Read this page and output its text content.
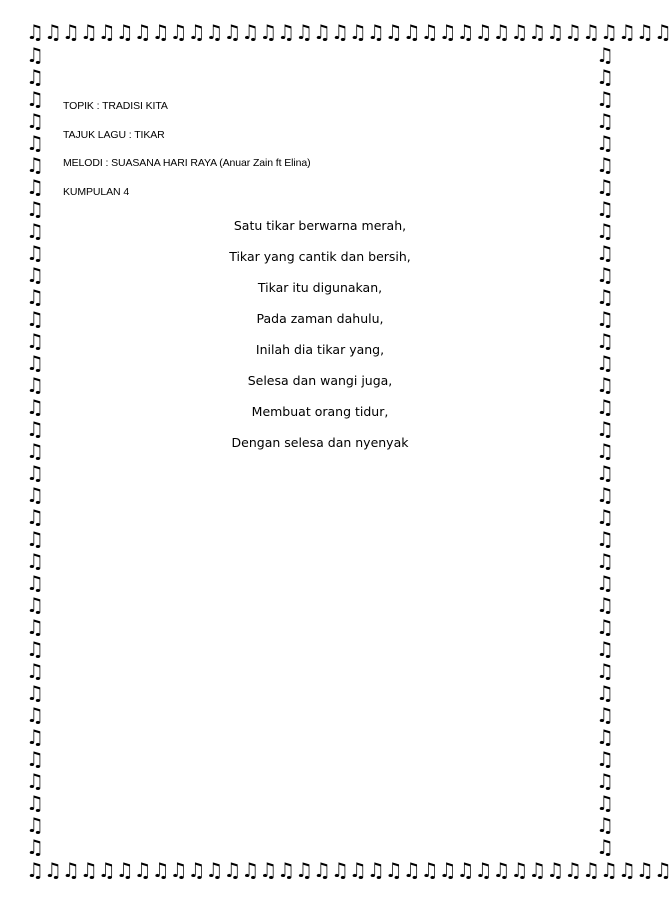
♫ ♫ ♫ ♫ ♫ ♫ ♫ ♫ ♫ ♫ ♫ ♫ ♫ ♫ ♫ ♫ ♫ ♫ ♫ ♫ ♫ ♫ ♫ ♫ ♫ ♫ ♫ ♫ ♫ ♫ ♫ ♫ ♫ ♫ ♫ ♫
♫ ♫ ♫ ♫ ♫ ♫ ♫ ♫ ♫ ♫ ♫ ♫ ♫ ♫ ♫ ♫ ♫ ♫ ♫ ♫ ♫ ♫ ♫ ♫ ♫ ♫ ♫ ♫ ♫ ♫ ♫ ♫ ♫ ♫ ♫ ♫
♫
♫
♫
♫
♫
♫
♫
♫
♫
♫
♫
♫
♫
♫
♫
♫
♫
♫
♫
♫
♫
♫
♫
♫
♫
♫
♫
♫
♫
♫
♫
♫
♫
♫
♫
♫
♫
♫
♫
♫
♫
♫
♫
♫
♫
♫
♫
♫
♫
♫
♫
♫
♫
♫
♫
♫
♫
♫
♫
♫
♫
♫
♫
♫
♫
♫
♫
♫
♫
♫
♫
♫
♫
♫
TOPIK : TRADISI KITA
TAJUK LAGU : TIKAR
MELODI : SUASANA HARI RAYA (Anuar Zain ft Elina)
KUMPULAN 4
Satu tikar berwarna merah,
Tikar yang cantik dan bersih,
Tikar itu digunakan,
Pada zaman dahulu,
Inilah dia tikar yang,
Selesa dan wangi juga,
Membuat orang tidur,
Dengan selesa dan nyenyak
